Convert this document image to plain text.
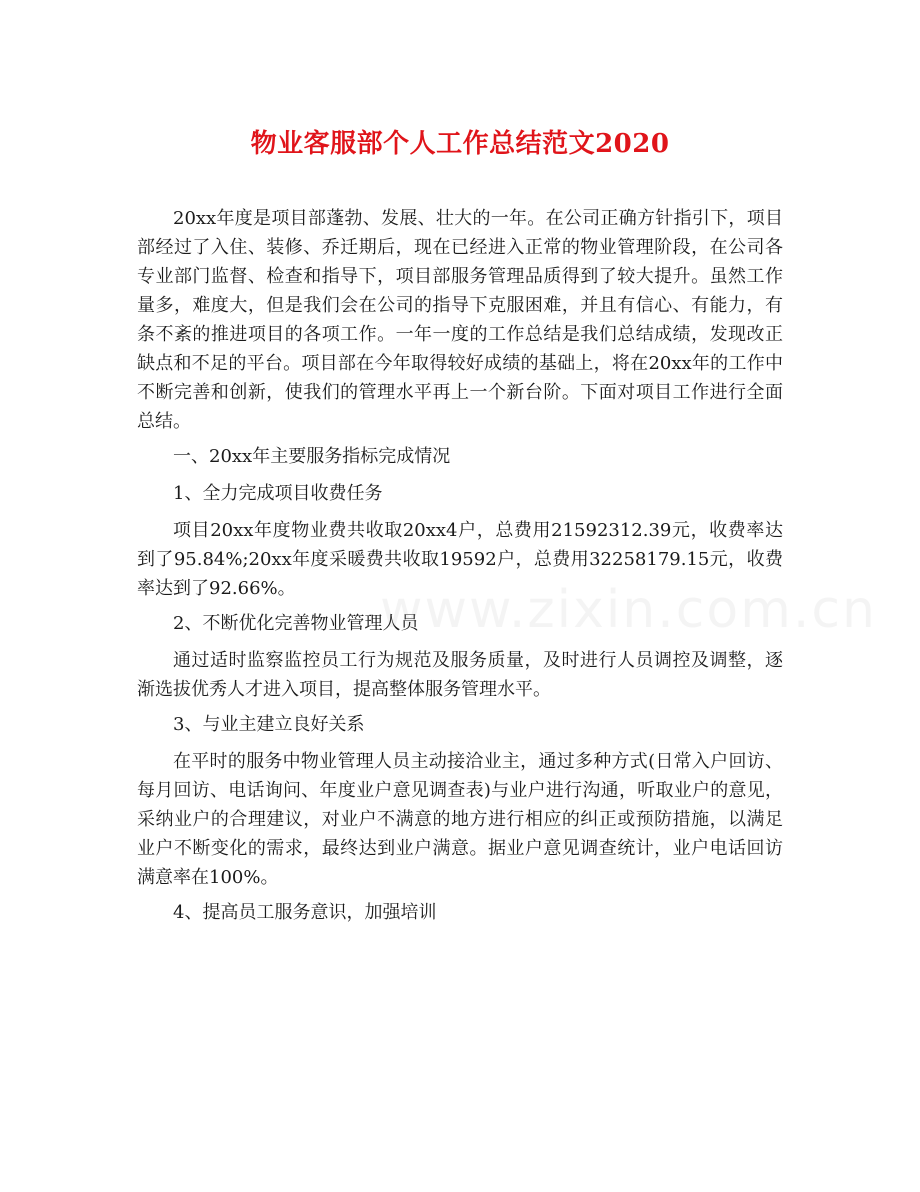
物业客服部个人工作总结范文2020

20xx年度是项目部蓬勃、发展、壮大的一年。在公司正确方针指引下，项目部经过了入住、装修、乔迁期后，现在已经进入正常的物业管理阶段，在公司各专业部门监督、检查和指导下，项目部服务管理品质得到了较大提升。虽然工作量多，难度大，但是我们会在公司的指导下克服困难，并且有信心、有能力，有条不紊的推进项目的各项工作。一年一度的工作总结是我们总结成绩，发现改正缺点和不足的平台。项目部在今年取得较好成绩的基础上，将在20xx年的工作中不断完善和创新，使我们的管理水平再上一个新台阶。下面对项目工作进行全面总结。

一、20xx年主要服务指标完成情况

1、全力完成项目收费任务

项目20xx年度物业费共收取20xx4户，总费用21592312.39元，收费率达到了95.84%;20xx年度采暖费共收取19592户，总费用32258179.15元，收费率达到了92.66%。

2、不断优化完善物业管理人员

通过适时监察监控员工行为规范及服务质量，及时进行人员调控及调整，逐渐选拔优秀人才进入项目，提高整体服务管理水平。

3、与业主建立良好关系

在平时的服务中物业管理人员主动接洽业主，通过多种方式(日常入户回访、每月回访、电话询问、年度业户意见调查表)与业户进行沟通，听取业户的意见，采纳业户的合理建议，对业户不满意的地方进行相应的纠正或预防措施，以满足业户不断变化的需求，最终达到业户满意。据业户意见调查统计，业户电话回访满意率在100%。

4、提高员工服务意识，加强培训

www.zixin.com.cn
